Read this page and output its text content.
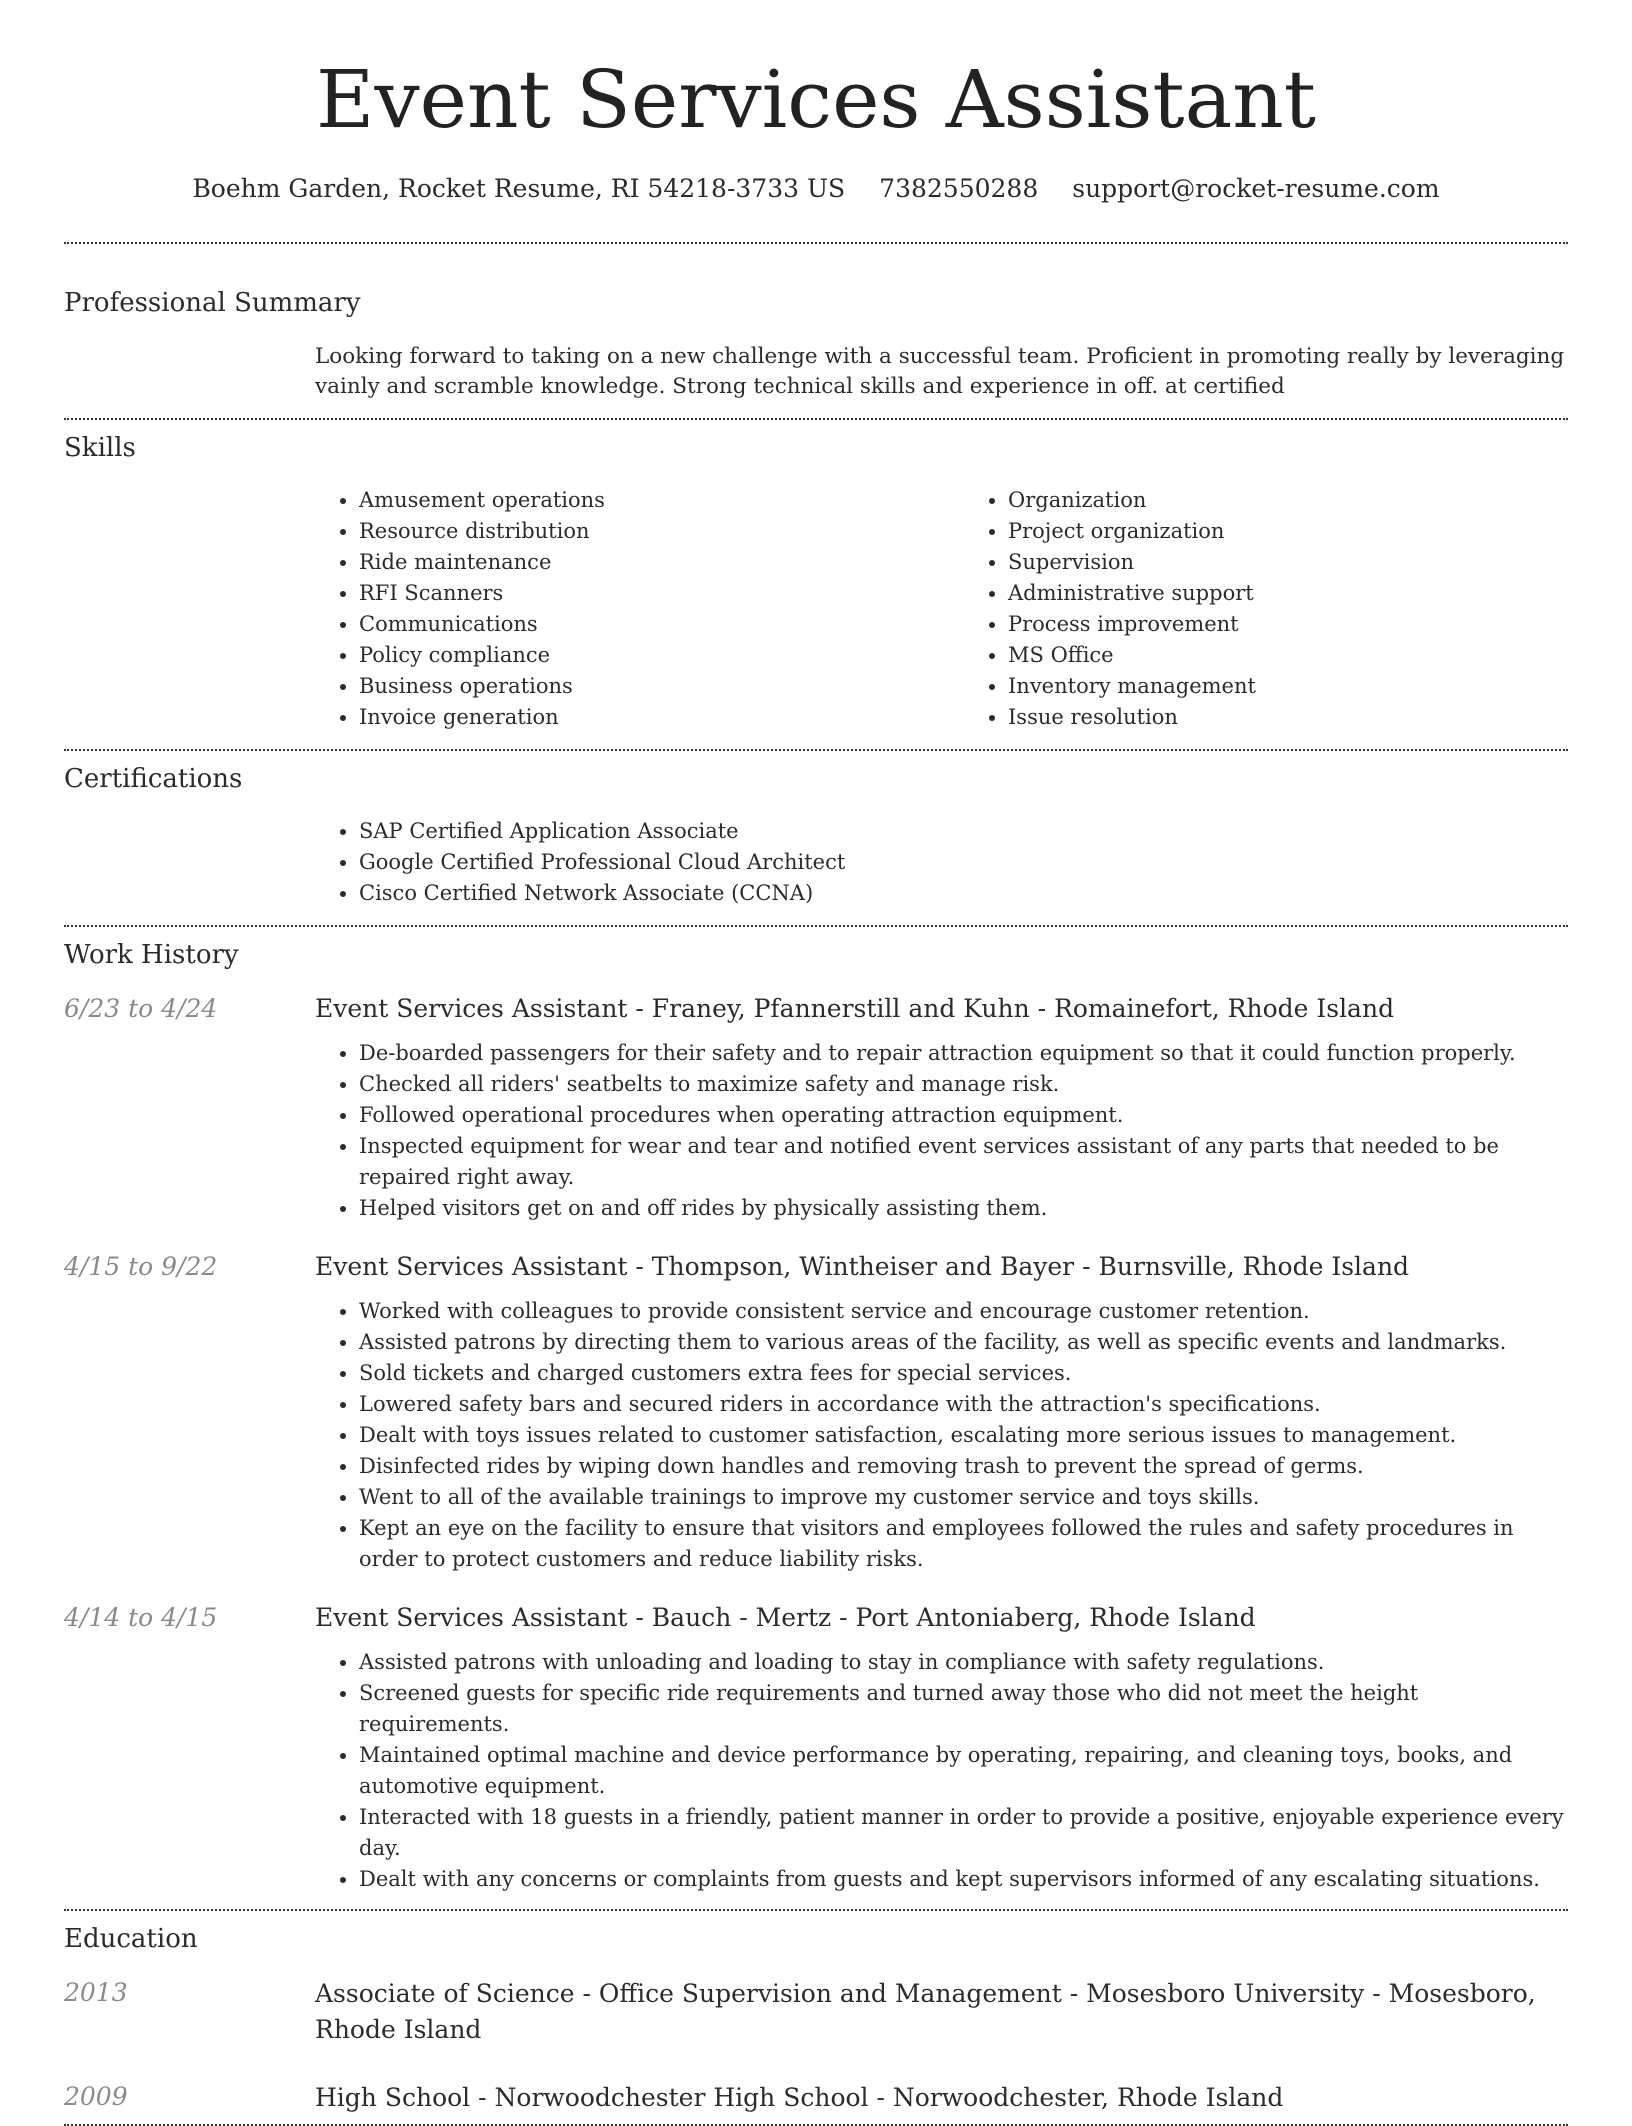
Event Services Assistant
Boehm Garden, Rocket Resume, RI 54218-3733 US 7382550288 support@rocket-resume.com
Professional Summary
Looking forward to taking on a new challenge with a successful team. Proficient in promoting really by leveraging vainly and scramble knowledge. Strong technical skills and experience in off. at certified
Skills
• Amusement operations
• Resource distribution
• Ride maintenance
• RFI Scanners
• Communications
• Policy compliance
• Business operations
• Invoice generation
• Organization
• Project organization
• Supervision
• Administrative support
• Process improvement
• MS Office
• Inventory management
• Issue resolution
Certifications
• SAP Certified Application Associate
• Google Certified Professional Cloud Architect
• Cisco Certified Network Associate (CCNA)
Work History
6/23 to 4/24	Event Services Assistant - Franey, Pfannerstill and Kuhn - Romainefort, Rhode Island
• De-boarded passengers for their safety and to repair attraction equipment so that it could function properly.
• Checked all riders' seatbelts to maximize safety and manage risk.
• Followed operational procedures when operating attraction equipment.
• Inspected equipment for wear and tear and notified event services assistant of any parts that needed to be repaired right away.
• Helped visitors get on and off rides by physically assisting them.
4/15 to 9/22	Event Services Assistant - Thompson, Wintheiser and Bayer - Burnsville, Rhode Island
• Worked with colleagues to provide consistent service and encourage customer retention.
• Assisted patrons by directing them to various areas of the facility, as well as specific events and landmarks.
• Sold tickets and charged customers extra fees for special services.
• Lowered safety bars and secured riders in accordance with the attraction's specifications.
• Dealt with toys issues related to customer satisfaction, escalating more serious issues to management.
• Disinfected rides by wiping down handles and removing trash to prevent the spread of germs.
• Went to all of the available trainings to improve my customer service and toys skills.
• Kept an eye on the facility to ensure that visitors and employees followed the rules and safety procedures in order to protect customers and reduce liability risks.
4/14 to 4/15	Event Services Assistant - Bauch - Mertz - Port Antoniaberg, Rhode Island
• Assisted patrons with unloading and loading to stay in compliance with safety regulations.
• Screened guests for specific ride requirements and turned away those who did not meet the height requirements.
• Maintained optimal machine and device performance by operating, repairing, and cleaning toys, books, and automotive equipment.
• Interacted with 18 guests in a friendly, patient manner in order to provide a positive, enjoyable experience every day.
• Dealt with any concerns or complaints from guests and kept supervisors informed of any escalating situations.
Education
2013	Associate of Science - Office Supervision and Management - Mosesboro University - Mosesboro, Rhode Island
2009	High School - Norwoodchester High School - Norwoodchester, Rhode Island
